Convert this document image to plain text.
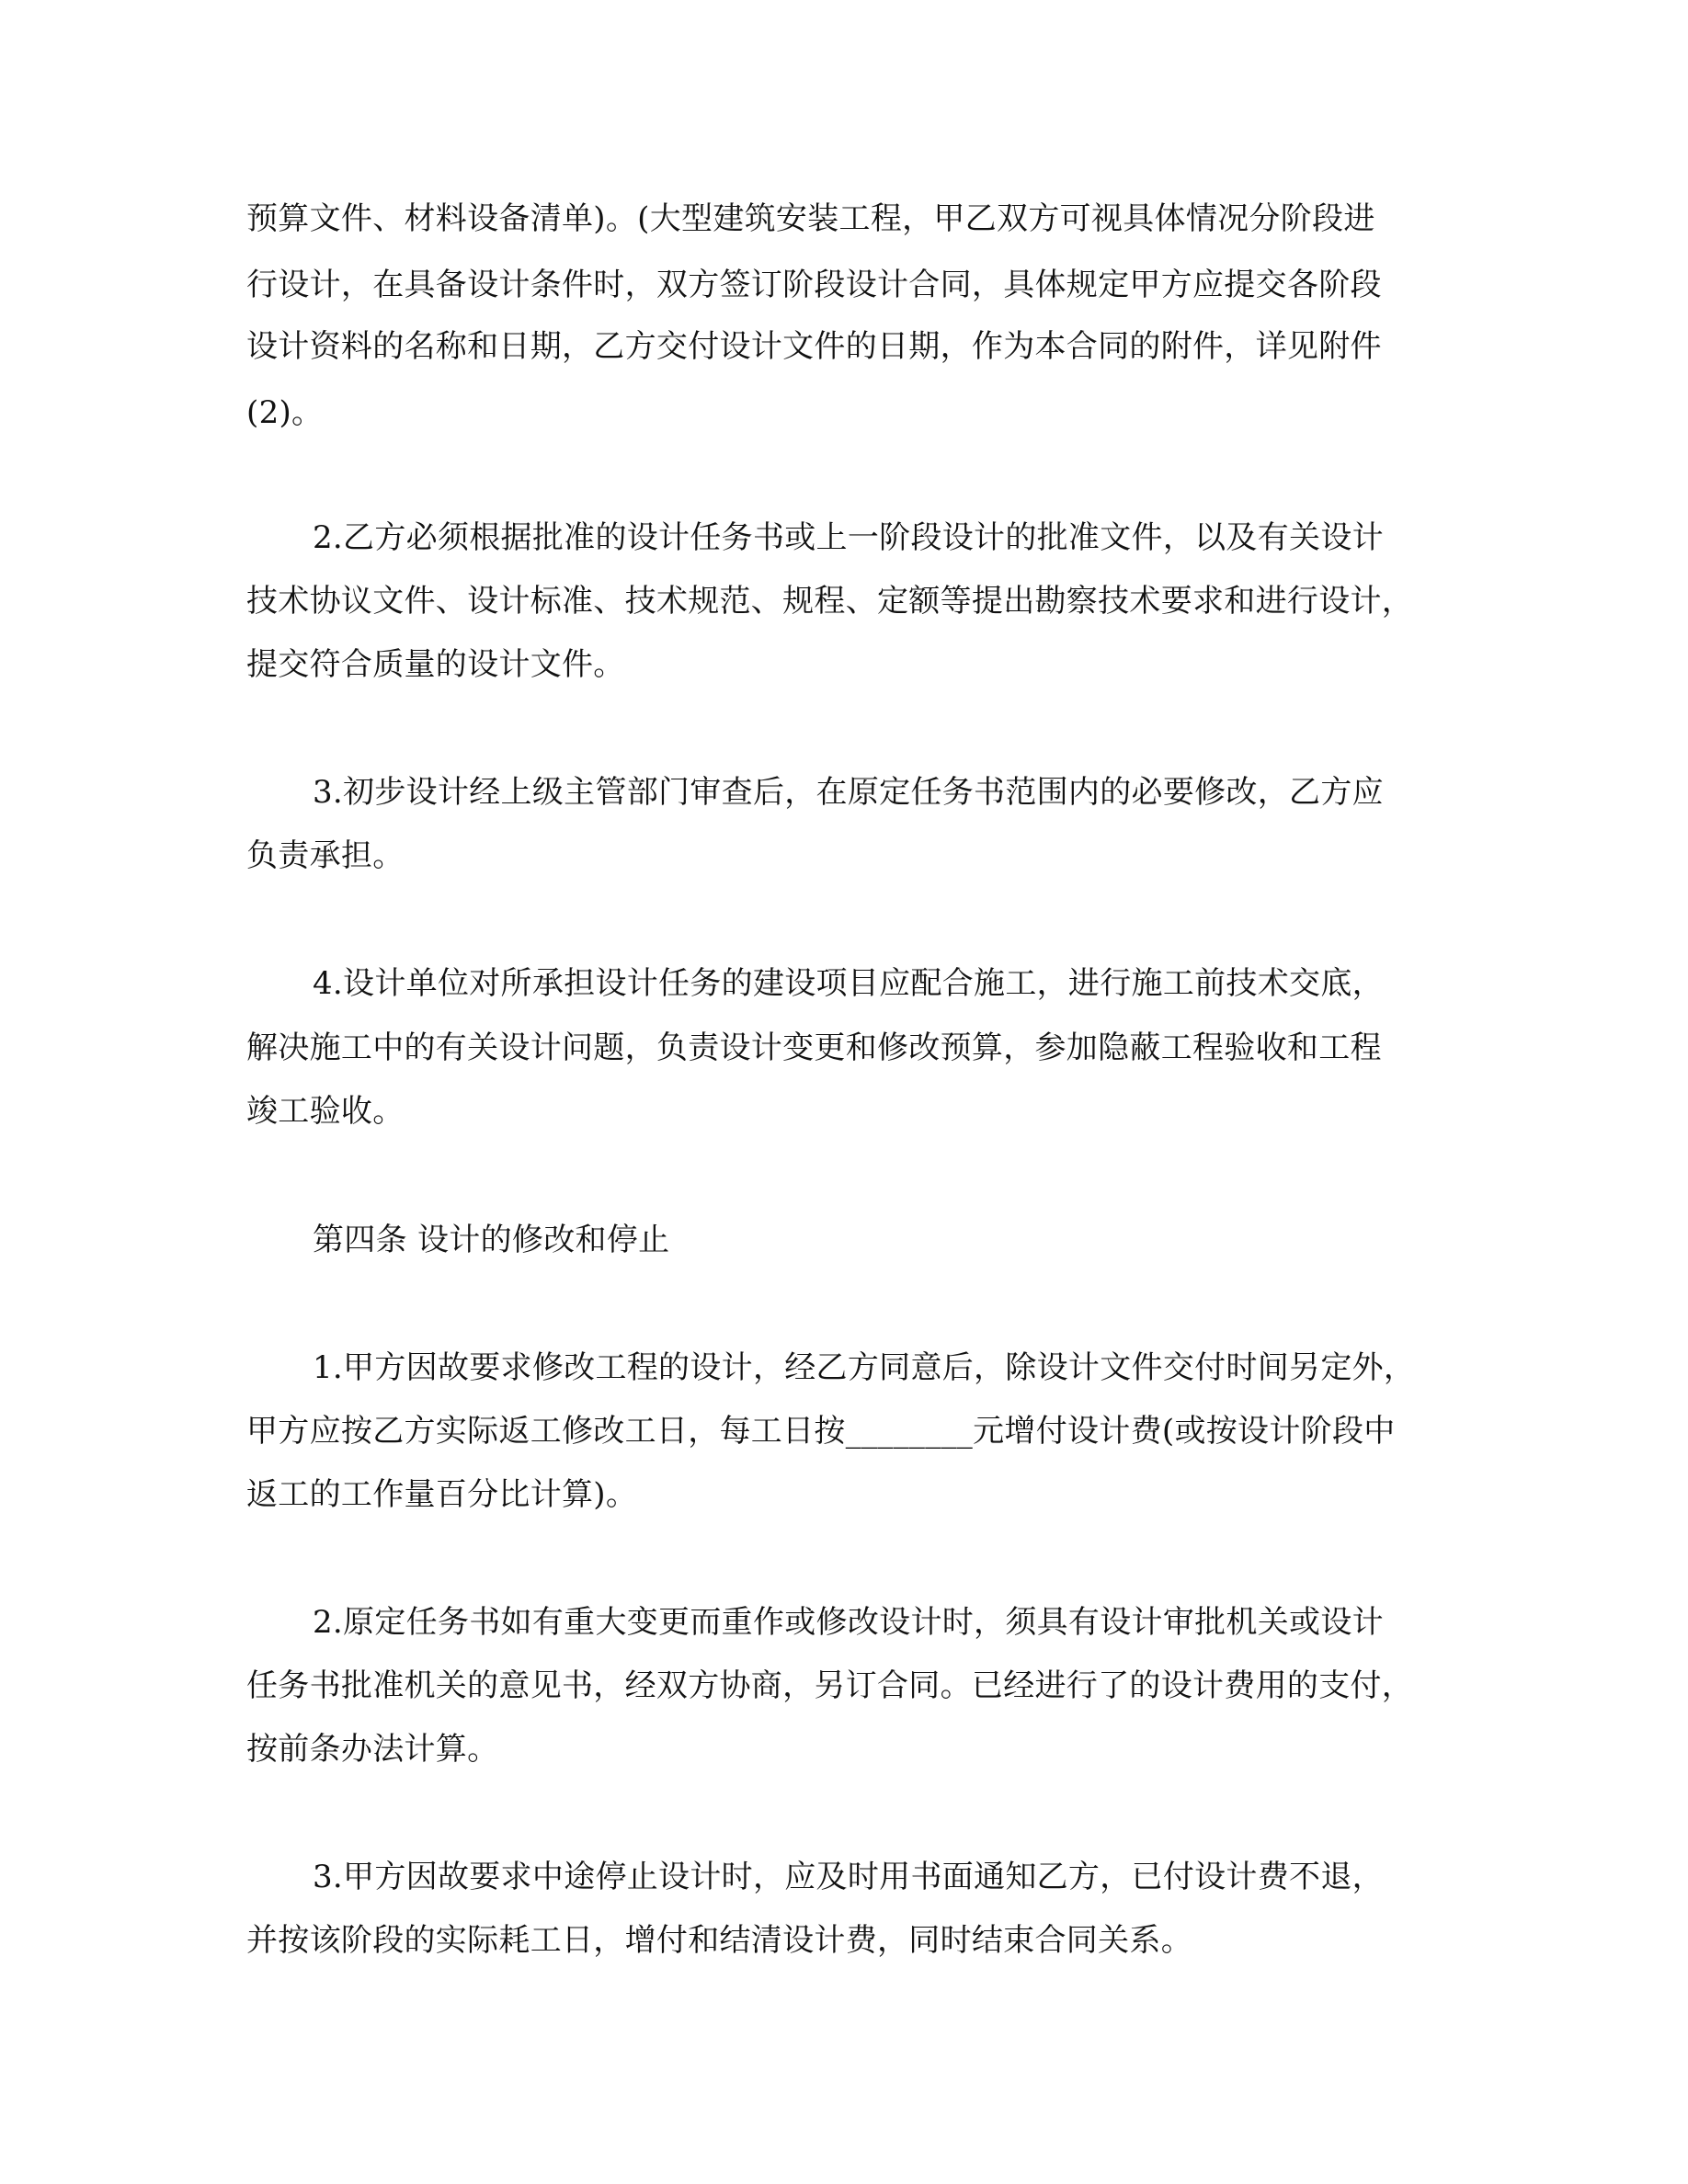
预算文件、材料设备清单)。(大型建筑安装工程，甲乙双方可视具体情况分阶段进
行设计，在具备设计条件时，双方签订阶段设计合同，具体规定甲方应提交各阶段
设计资料的名称和日期，乙方交付设计文件的日期，作为本合同的附件，详见附件
(2)。
2.乙方必须根据批准的设计任务书或上一阶段设计的批准文件，以及有关设计
技术协议文件、设计标准、技术规范、规程、定额等提出勘察技术要求和进行设计，
提交符合质量的设计文件。
3.初步设计经上级主管部门审查后，在原定任务书范围内的必要修改，乙方应
负责承担。
4.设计单位对所承担设计任务的建设项目应配合施工，进行施工前技术交底，
解决施工中的有关设计问题，负责设计变更和修改预算，参加隐蔽工程验收和工程
竣工验收。
第四条 设计的修改和停止
1.甲方因故要求修改工程的设计，经乙方同意后，除设计文件交付时间另定外，
甲方应按乙方实际返工修改工日，每工日按________元增付设计费(或按设计阶段中
返工的工作量百分比计算)。
2.原定任务书如有重大变更而重作或修改设计时，须具有设计审批机关或设计
任务书批准机关的意见书，经双方协商，另订合同。已经进行了的设计费用的支付，
按前条办法计算。
3.甲方因故要求中途停止设计时，应及时用书面通知乙方，已付设计费不退，
并按该阶段的实际耗工日，增付和结清设计费，同时结束合同关系。
